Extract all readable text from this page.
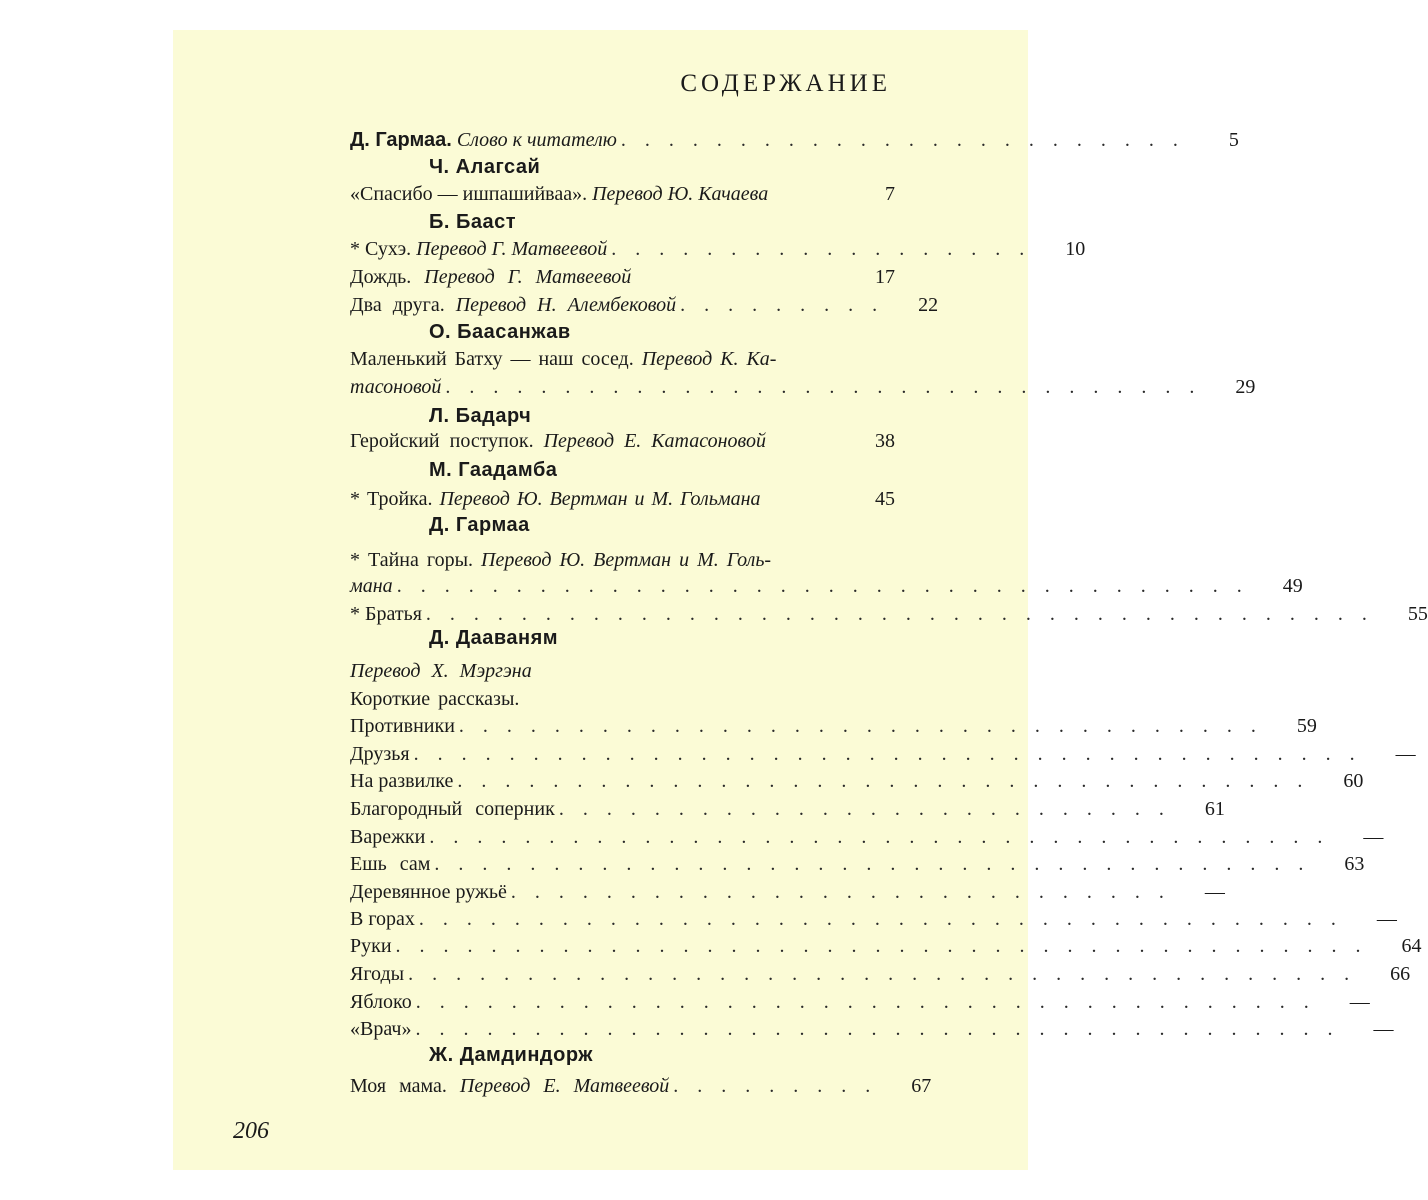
СОДЕРЖАНИЕ
Д. Гармаа. Слово к читателю . . . . . . . . . . . . . . . . . . . . . . . .	5
Ч. Алагсай
«Спасибо — ишпашийваа». Перевод Ю. Качаева	7
Б. Бааст
* Сухэ. Перевод Г. Матвеевой . . . . . . . . . . . . . . . . . .	10
Дождь. Перевод Г. Матвеевой	17
Два друга. Перевод Н. Алембековой . . . . . . . . .	22
О. Баасанжав
Маленький Батху — наш сосед. Перевод К. Ка-
тасоновой . . . . . . . . . . . . . . . . . . . . . . . . . . . . . . . .	29
Л. Бадарч
Геройский поступок. Перевод Е. Катасоновой	38
М. Гаадамба
* Тройка. Перевод Ю. Вертман и М. Гольмана	45
Д. Гармаа
* Тайна горы. Перевод Ю. Вертман и М. Голь-
мана . . . . . . . . . . . . . . . . . . . . . . . . . . . . . . . . . . . .	49
* Братья . . . . . . . . . . . . . . . . . . . . . . . . . . . . . . . . . . . . . . . .	55
Д. Дааваням
Перевод Х. Мэргэна
Короткие рассказы.
Противники . . . . . . . . . . . . . . . . . . . . . . . . . . . . . . . . . .	59
Друзья . . . . . . . . . . . . . . . . . . . . . . . . . . . . . . . . . . . . . . . .	—
На развилке . . . . . . . . . . . . . . . . . . . . . . . . . . . . . . . . . . . .	60
Благородный соперник . . . . . . . . . . . . . . . . . . . . . . . . . .	61
Варежки . . . . . . . . . . . . . . . . . . . . . . . . . . . . . . . . . . . . . .	—
Ешь сам . . . . . . . . . . . . . . . . . . . . . . . . . . . . . . . . . . . . .	63
Деревянное ружьё . . . . . . . . . . . . . . . . . . . . . . . . . . . .	—
В горах . . . . . . . . . . . . . . . . . . . . . . . . . . . . . . . . . . . . . . .	—
Руки . . . . . . . . . . . . . . . . . . . . . . . . . . . . . . . . . . . . . . . . .	64
Ягоды . . . . . . . . . . . . . . . . . . . . . . . . . . . . . . . . . . . . . . . .	66
Яблоко . . . . . . . . . . . . . . . . . . . . . . . . . . . . . . . . . . . . . .	—
«Врач» . . . . . . . . . . . . . . . . . . . . . . . . . . . . . . . . . . . . . . .	—
Ж. Дамдиндорж
Моя мама. Перевод Е. Матвеевой . . . . . . . . .	67
206
